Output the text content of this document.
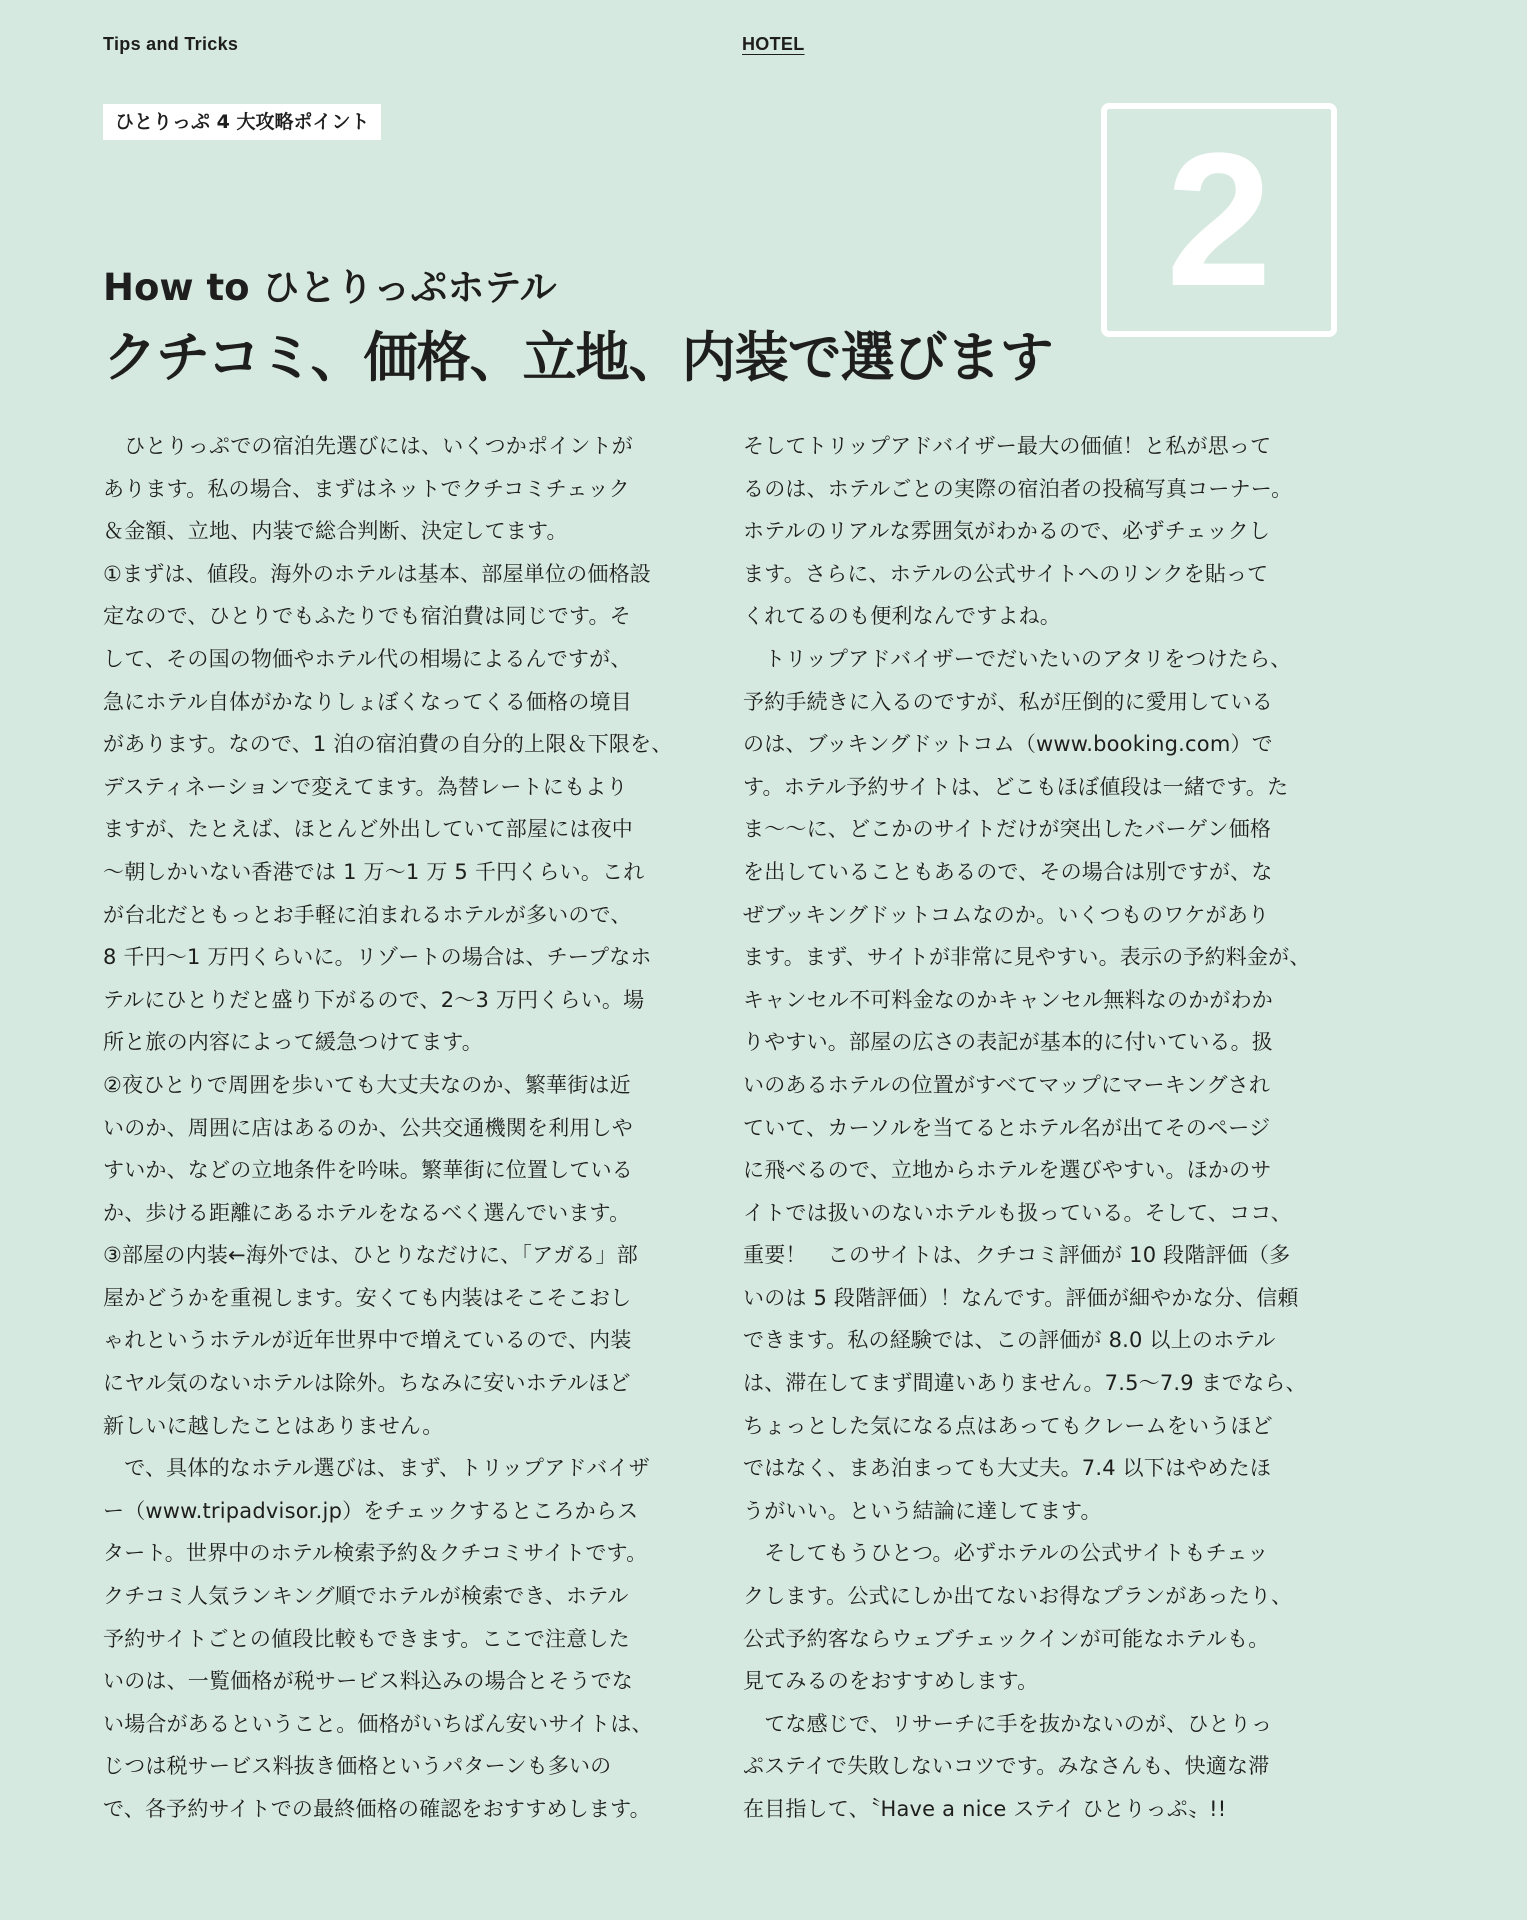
Tips and Tricks	HOTEL
ひとりっぷ 4 大攻略ポイント	2
How to ひとりっぷホテル
クチコミ、価格、立地、内装で選びます

　ひとりっぷでの宿泊先選びには、いくつかポイントが

あります。私の場合、まずはネットでクチコミチェック

＆金額、立地、内装で総合判断、決定してます。

①まずは、値段。海外のホテルは基本、部屋単位の価格設

定なので、ひとりでもふたりでも宿泊費は同じです。そ

して、その国の物価やホテル代の相場によるんですが、

急にホテル自体がかなりしょぼくなってくる価格の境目

があります。なので、1 泊の宿泊費の自分的上限＆下限を、

デスティネーションで変えてます。為替レートにもより

ますが、たとえば、ほとんど外出していて部屋には夜中

～朝しかいない香港では 1 万～1 万 5 千円くらい。これ

が台北だともっとお手軽に泊まれるホテルが多いので、

8 千円～1 万円くらいに。リゾートの場合は、チープなホ

テルにひとりだと盛り下がるので、2～3 万円くらい。場

所と旅の内容によって緩急つけてます。

②夜ひとりで周囲を歩いても大丈夫なのか、繁華街は近

いのか、周囲に店はあるのか、公共交通機関を利用しや

すいか、などの立地条件を吟味。繁華街に位置している

か、歩ける距離にあるホテルをなるべく選んでいます。

③部屋の内装←海外では、ひとりなだけに、「アガる」部

屋かどうかを重視します。安くても内装はそこそこおし

ゃれというホテルが近年世界中で増えているので、内装

にヤル気のないホテルは除外。ちなみに安いホテルほど

新しいに越したことはありません。

　で、具体的なホテル選びは、まず、トリップアドバイザ

ー（www.tripadvisor.jp）をチェックするところからス

タート。世界中のホテル検索予約＆クチコミサイトです。

クチコミ人気ランキング順でホテルが検索でき、ホテル

予約サイトごとの値段比較もできます。ここで注意した

いのは、一覧価格が税サービス料込みの場合とそうでな

い場合があるということ。価格がいちばん安いサイトは、

じつは税サービス料抜き価格というパターンも多いの

で、各予約サイトでの最終価格の確認をおすすめします。

そしてトリップアドバイザー最大の価値！と私が思って

るのは、ホテルごとの実際の宿泊者の投稿写真コーナー。

ホテルのリアルな雰囲気がわかるので、必ずチェックし

ます。さらに、ホテルの公式サイトへのリンクを貼って

くれてるのも便利なんですよね。

　トリップアドバイザーでだいたいのアタリをつけたら、

予約手続きに入るのですが、私が圧倒的に愛用している

のは、ブッキングドットコム（www.booking.com）で

す。ホテル予約サイトは、どこもほぼ値段は一緒です。た

ま～～に、どこかのサイトだけが突出したバーゲン価格

を出していることもあるので、その場合は別ですが、な

ぜブッキングドットコムなのか。いくつものワケがあり

ます。まず、サイトが非常に見やすい。表示の予約料金が、

キャンセル不可料金なのかキャンセル無料なのかがわか

りやすい。部屋の広さの表記が基本的に付いている。扱

いのあるホテルの位置がすべてマップにマーキングされ

ていて、カーソルを当てるとホテル名が出てそのページ

に飛べるので、立地からホテルを選びやすい。ほかのサ

イトでは扱いのないホテルも扱っている。そして、ココ、

重要！　このサイトは、クチコミ評価が 10 段階評価（多

いのは 5 段階評価）！なんです。評価が細やかな分、信頼

できます。私の経験では、この評価が 8.0 以上のホテル

は、滞在してまず間違いありません。7.5～7.9 までなら、

ちょっとした気になる点はあってもクレームをいうほど

ではなく、まあ泊まっても大丈夫。7.4 以下はやめたほ

うがいい。という結論に達してます。

　そしてもうひとつ。必ずホテルの公式サイトもチェッ

クします。公式にしか出てないお得なプランがあったり、

公式予約客ならウェブチェックインが可能なホテルも。

見てみるのをおすすめします。

　てな感じで、リサーチに手を抜かないのが、ひとりっ

ぷステイで失敗しないコツです。みなさんも、快適な滞

在目指して、〝Have a nice ステイ ひとりっぷ〟!!
